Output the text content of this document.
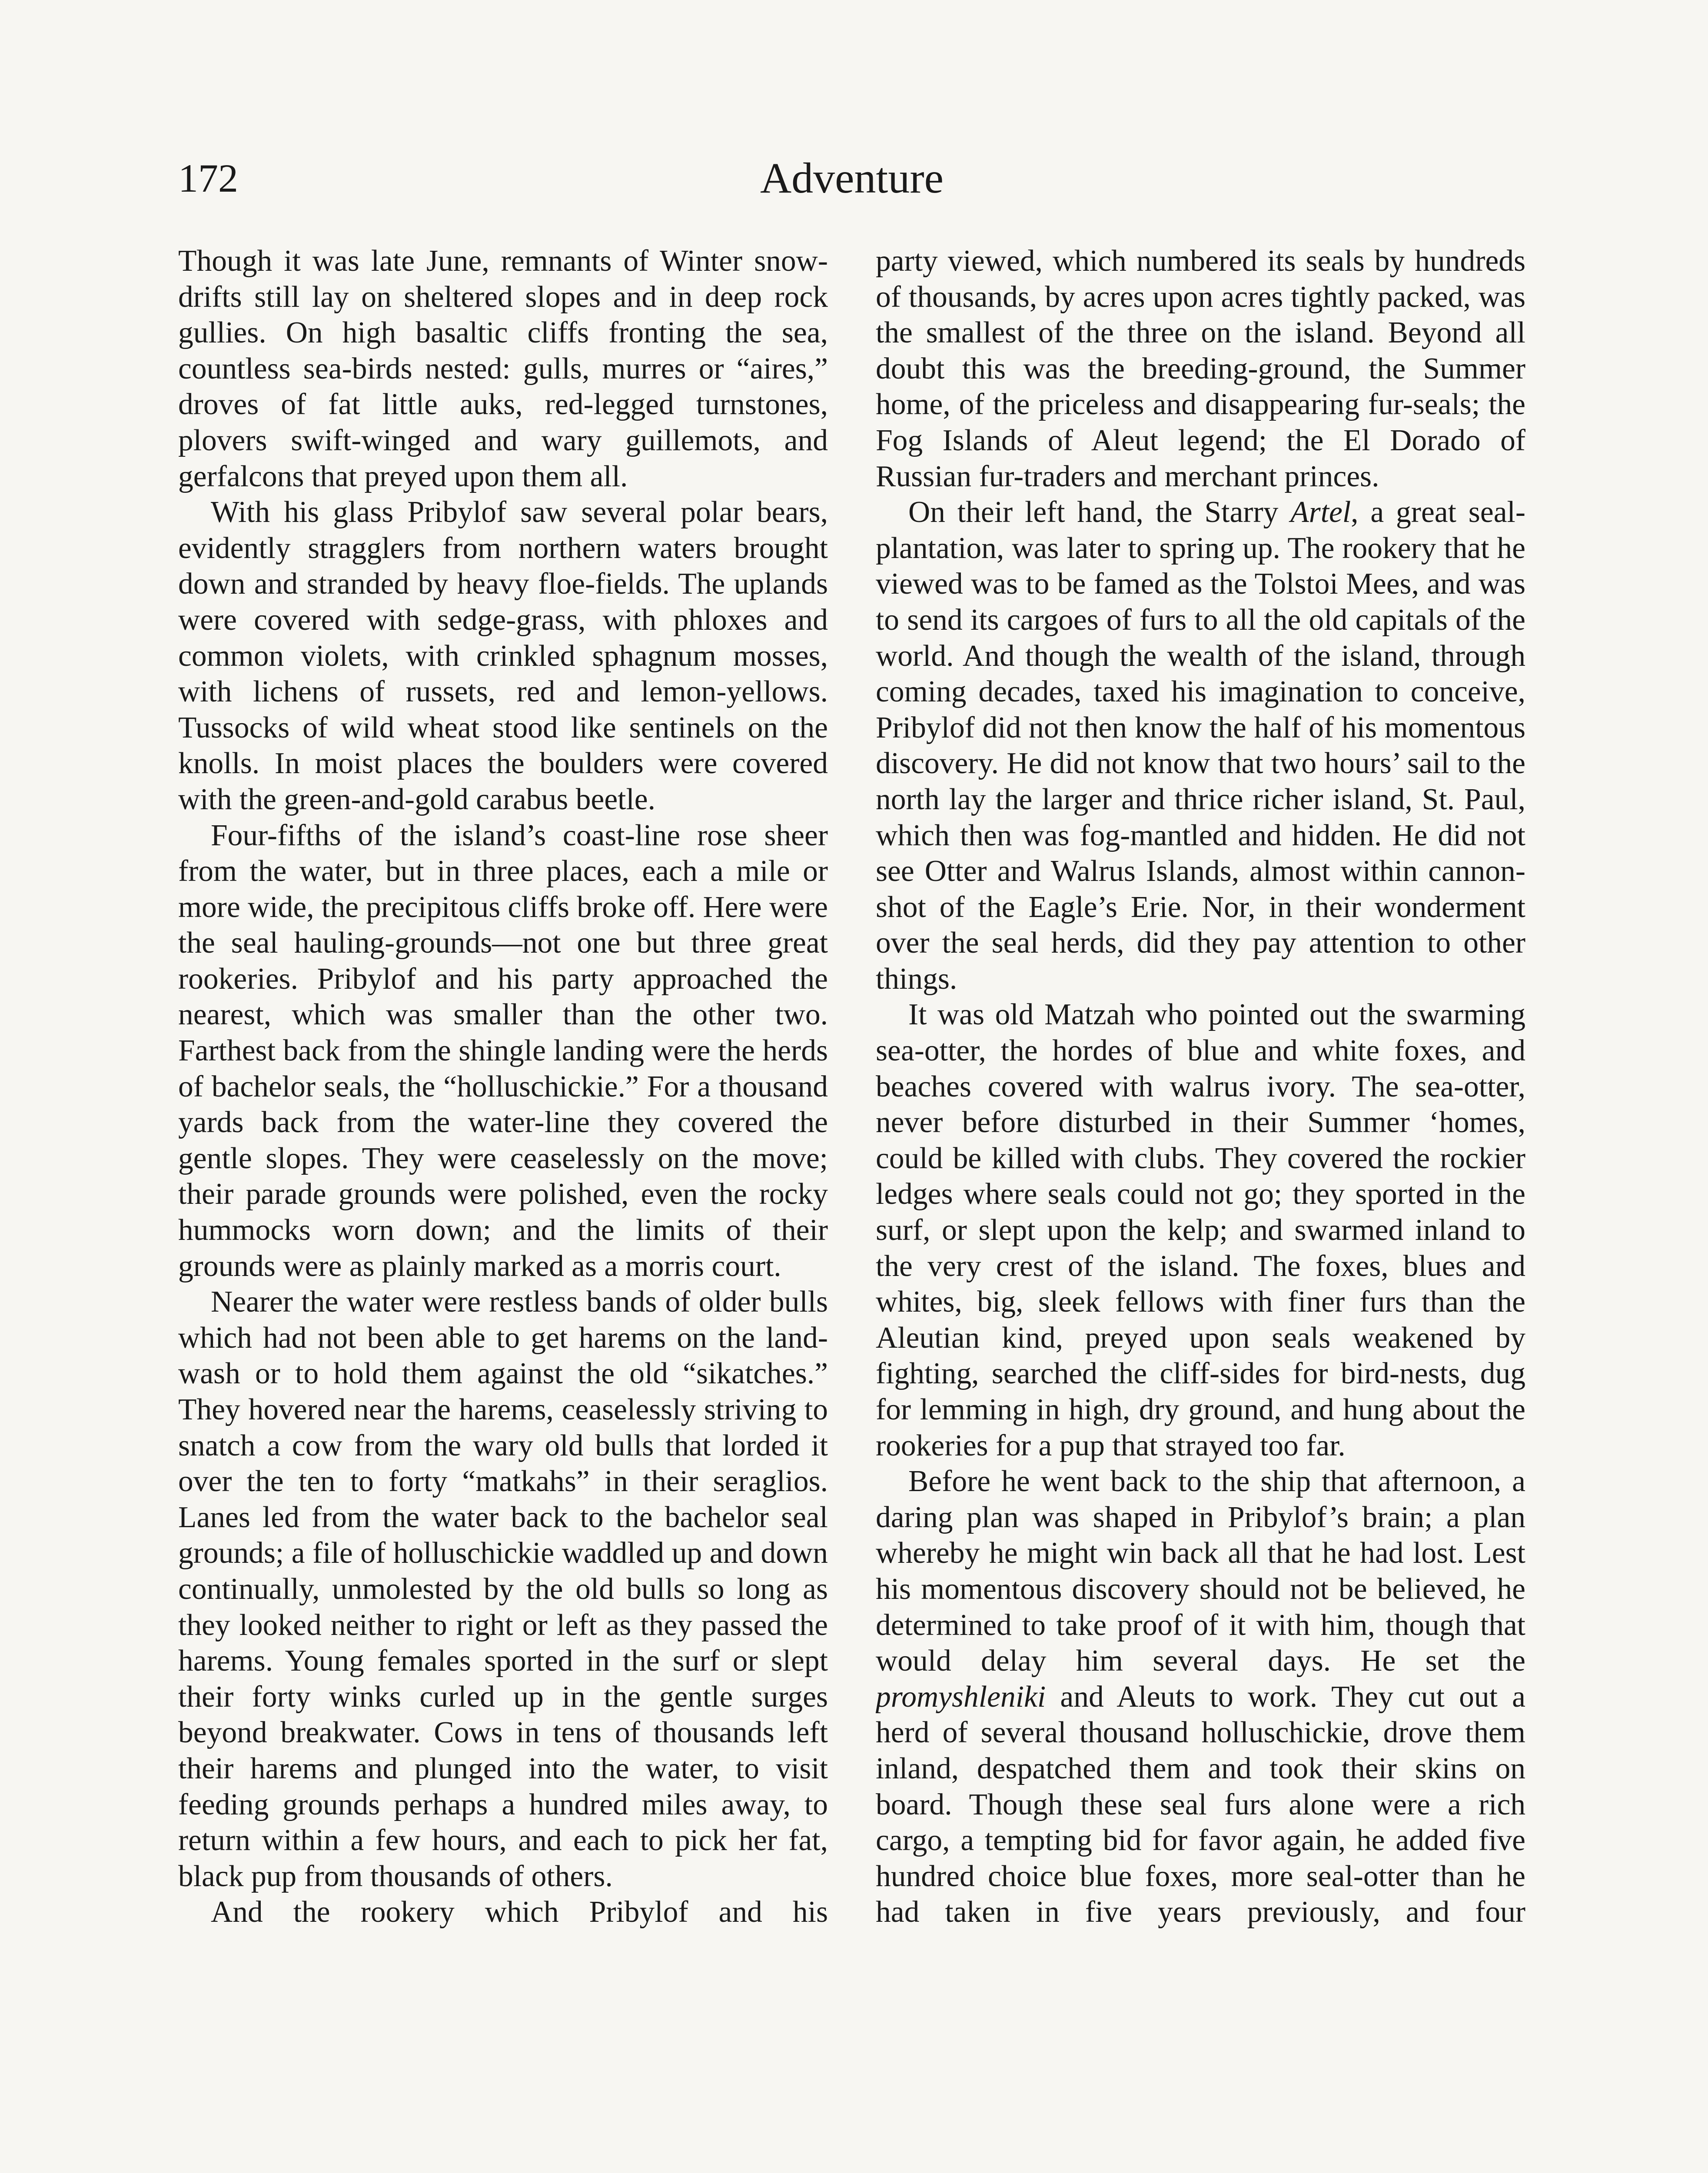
172	Adventure

Though it was late June, remnants of Winter snow-drifts still lay on sheltered slopes and in deep rock gullies. On high basaltic cliffs fronting the sea, countless sea-birds nested: gulls, murres or “aires,” droves of fat little auks, red-legged turnstones, plovers swift-winged and wary guillemots, and gerfalcons that preyed upon them all.

With his glass Pribylof saw several polar bears, evidently stragglers from northern waters brought down and stranded by heavy floe-fields. The uplands were covered with sedge-grass, with phloxes and common violets, with crinkled sphagnum mosses, with lichens of russets, red and lemon-yellows. Tussocks of wild wheat stood like sentinels on the knolls. In moist places the boulders were covered with the green-and-gold carabus beetle.

Four-fifths of the island’s coast-line rose sheer from the water, but in three places, each a mile or more wide, the precipitous cliffs broke off. Here were the seal hauling-grounds—not one but three great rookeries. Pribylof and his party approached the nearest, which was smaller than the other two. Farthest back from the shingle landing were the herds of bachelor seals, the “holluschickie.” For a thousand yards back from the water-line they covered the gentle slopes. They were ceaselessly on the move; their parade grounds were polished, even the rocky hummocks worn down; and the limits of their grounds were as plainly marked as a morris court.

Nearer the water were restless bands of older bulls which had not been able to get harems on the land-wash or to hold them against the old “sikatches.” They hovered near the harems, ceaselessly striving to snatch a cow from the wary old bulls that lorded it over the ten to forty “matkahs” in their seraglios. Lanes led from the water back to the bachelor seal grounds; a file of holluschickie waddled up and down continually, unmolested by the old bulls so long as they looked neither to right or left as they passed the harems. Young females sported in the surf or slept their forty winks curled up in the gentle surges beyond breakwater. Cows in tens of thousands left their harems and plunged into the water, to visit feeding grounds perhaps a hundred miles away, to return within a few hours, and each to pick her fat, black pup from thousands of others.

And the rookery which Pribylof and his

party viewed, which numbered its seals by hundreds of thousands, by acres upon acres tightly packed, was the smallest of the three on the island. Beyond all doubt this was the breeding-ground, the Summer home, of the priceless and disappearing fur-seals; the Fog Islands of Aleut legend; the El Dorado of Russian fur-traders and merchant princes.

On their left hand, the Starry Artel, a great seal-plantation, was later to spring up. The rookery that he viewed was to be famed as the Tolstoi Mees, and was to send its cargoes of furs to all the old capitals of the world. And though the wealth of the island, through coming decades, taxed his imagination to conceive, Pribylof did not then know the half of his momentous discovery. He did not know that two hours’ sail to the north lay the larger and thrice richer island, St. Paul, which then was fog-mantled and hidden. He did not see Otter and Walrus Islands, almost within cannon-shot of the Eagle’s Erie. Nor, in their wonderment over the seal herds, did they pay attention to other things.

It was old Matzah who pointed out the swarming sea-otter, the hordes of blue and white foxes, and beaches covered with walrus ivory. The sea-otter, never before disturbed in their Summer ‘homes, could be killed with clubs. They covered the rockier ledges where seals could not go; they sported in the surf, or slept upon the kelp; and swarmed inland to the very crest of the island. The foxes, blues and whites, big, sleek fellows with finer furs than the Aleutian kind, preyed upon seals weakened by fighting, searched the cliff-sides for bird-nests, dug for lemming in high, dry ground, and hung about the rookeries for a pup that strayed too far.

Before he went back to the ship that afternoon, a daring plan was shaped in Pribylof’s brain; a plan whereby he might win back all that he had lost. Lest his momentous discovery should not be believed, he determined to take proof of it with him, though that would delay him several days. He set the promyshleniki and Aleuts to work. They cut out a herd of several thousand holluschickie, drove them inland, despatched them and took their skins on board. Though these seal furs alone were a rich cargo, a tempting bid for favor again, he added five hundred choice blue foxes, more seal-otter than he had taken in five years previously, and four
